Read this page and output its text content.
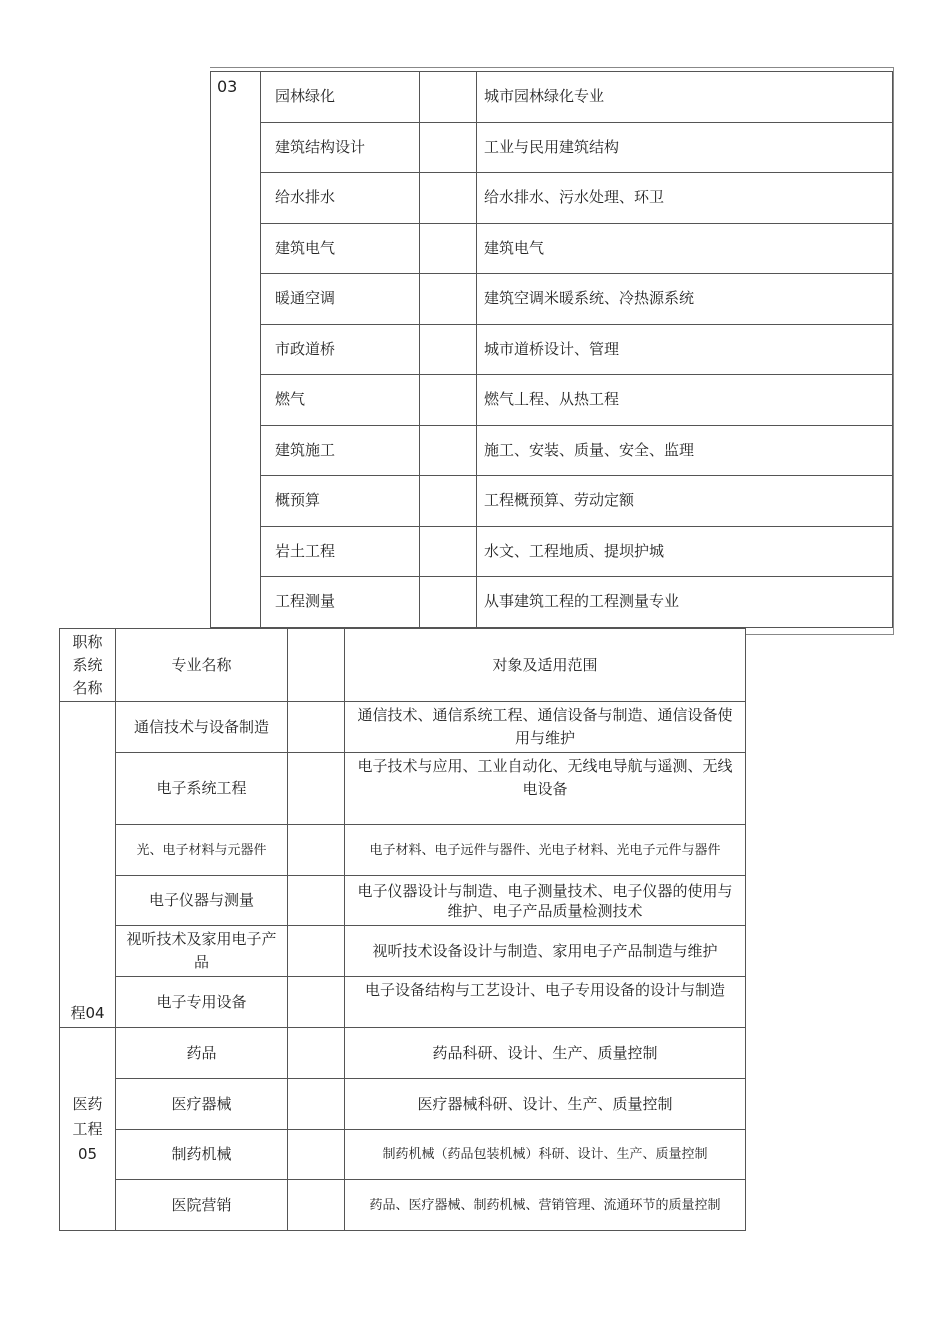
03	园林绿化		城市园林绿化专业
	建筑结构设计		工业与民用建筑结构
	给水排水		给水排水、污水处理、环卫
	建筑电气		建筑电气
	暖通空调		建筑空调米暖系统、冷热源系统
	市政道桥		城市道桥设计、管理
	燃气		燃气丄程、从热工程
	建筑施工		施工、安装、质量、安全、监理
	概预算		工程概预算、劳动定额
	岩土工程		水文、工程地质、提坝护城
	工程测量		从事建筑工程的工程测量专业
职称
系统
名称	专业名称		对象及适用范围
程04	通信技术与设备制造		通信技术、通信系统工程、通信设备与制造、通信设备使用与维护
	电子系统工程		电子技术与应用、工业自动化、无线电导航与遥测、无线电设备
	光、电子材料与元器件		电子材料、电子远件与器件、光电子材料、光电子元件与器件
	电子仪器与测量		电子仪器设计与制造、电子测量技术、电子仪器的使用与维护、电子产品质量检测技术
	视听技术及家用电子产品		视听技术设备设计与制造、家用电子产品制造与维护
	电子专用设备		电子设备结构与工艺设计、电子专用设备的设计与制造
医药
工程
05	药品		药品科研、设计、生产、质量控制
	医疗器械		医疗器械科研、设计、生产、质量控制
	制药机械		制药机械（药品包装机械）科研、设计、生产、质量控制
	医院营销		药品、医疗器械、制药机械、营销管理、流通环节的质量控制
